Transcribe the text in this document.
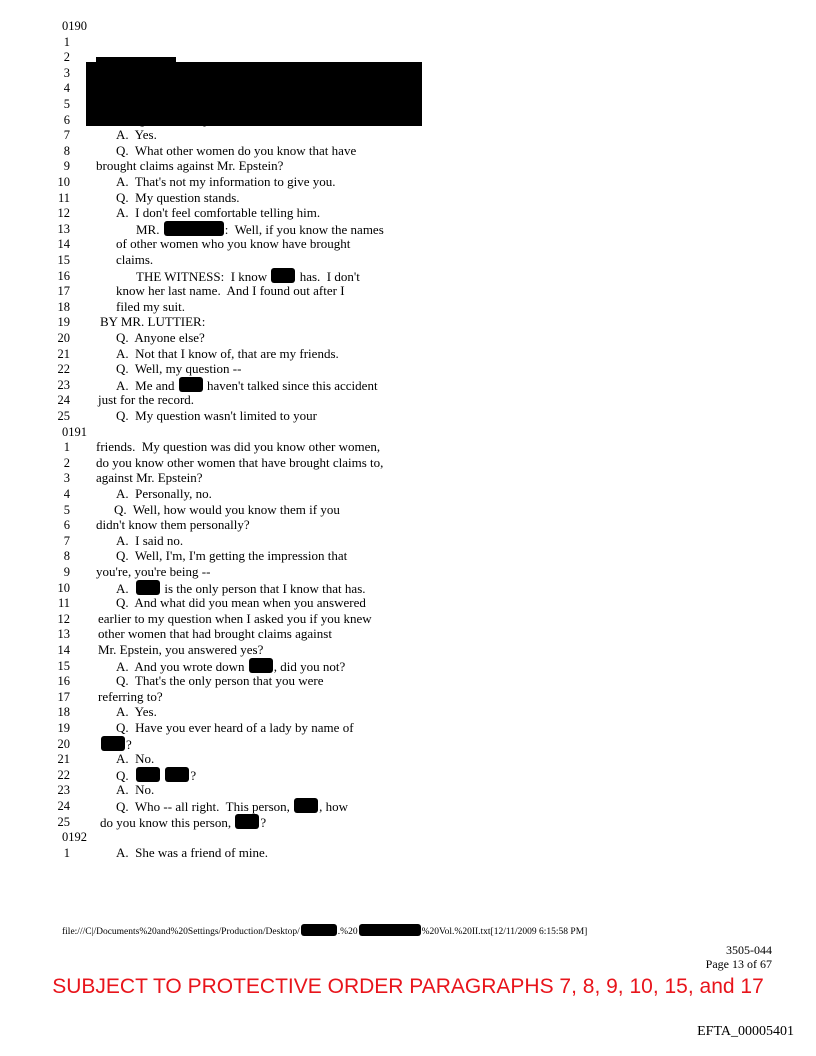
0190
1
2
3
4
5
6
7	A.  Yes.
8	Q.  What other women do you know that have
9 brought claims against Mr. Epstein?
10	A.  That's not my information to give you.
11	Q.  My question stands.
12	A.  I don't feel comfortable telling him.
13	MR.	:  Well, if you know the names
14	of other women who you know have brought
15	claims.
16	THE WITNESS:  I know  has.  I don't
17	know her last name.  And I found out after I
18	filed my suit.
19 BY MR. LUTTIER:
20	Q.  Anyone else?
21	A.  Not that I know of, that are my friends.
22	Q.  Well, my question --
23	A.  Me and  haven't talked since this accident
24 just for the record.
25	Q.  My question wasn't limited to your
0191
1 friends.  My question was did you know other women,
2 do you know other women that have brought claims to,
3 against Mr. Epstein?
4	A.  Personally, no.
5	Q.  Well, how would you know them if you
6 didn't know them personally?
7	A.  I said no.
8	Q.  Well, I'm, I'm getting the impression that
9 you're, you're being --
10	A.   is the only person that I know that has.
11	Q.  And what did you mean when you answered
12 earlier to my question when I asked you if you knew
13 other women that had brought claims against
14 Mr. Epstein, you answered yes?
15	A.  And you wrote down , did you not?
16	Q.  That's the only person that you were
17 referring to?
18	A.  Yes.
19	Q.  Have you ever heard of a lady by name of
20	?
21	A.  No.
22	Q.	?
23	A.  No.
24	Q.  Who -- all right.  This person, , how
25 do you know this person, ?
0192
1	A.  She was a friend of mine.
file:///C|/Documents%20and%20Settings/Production/Desktop/	.%20	%20Vol.%20II.txt[12/11/2009 6:15:58 PM]
3505-044
Page 13 of 67
SUBJECT TO PROTECTIVE ORDER PARAGRAPHS 7, 8, 9, 10, 15, and 17
EFTA_00005401
